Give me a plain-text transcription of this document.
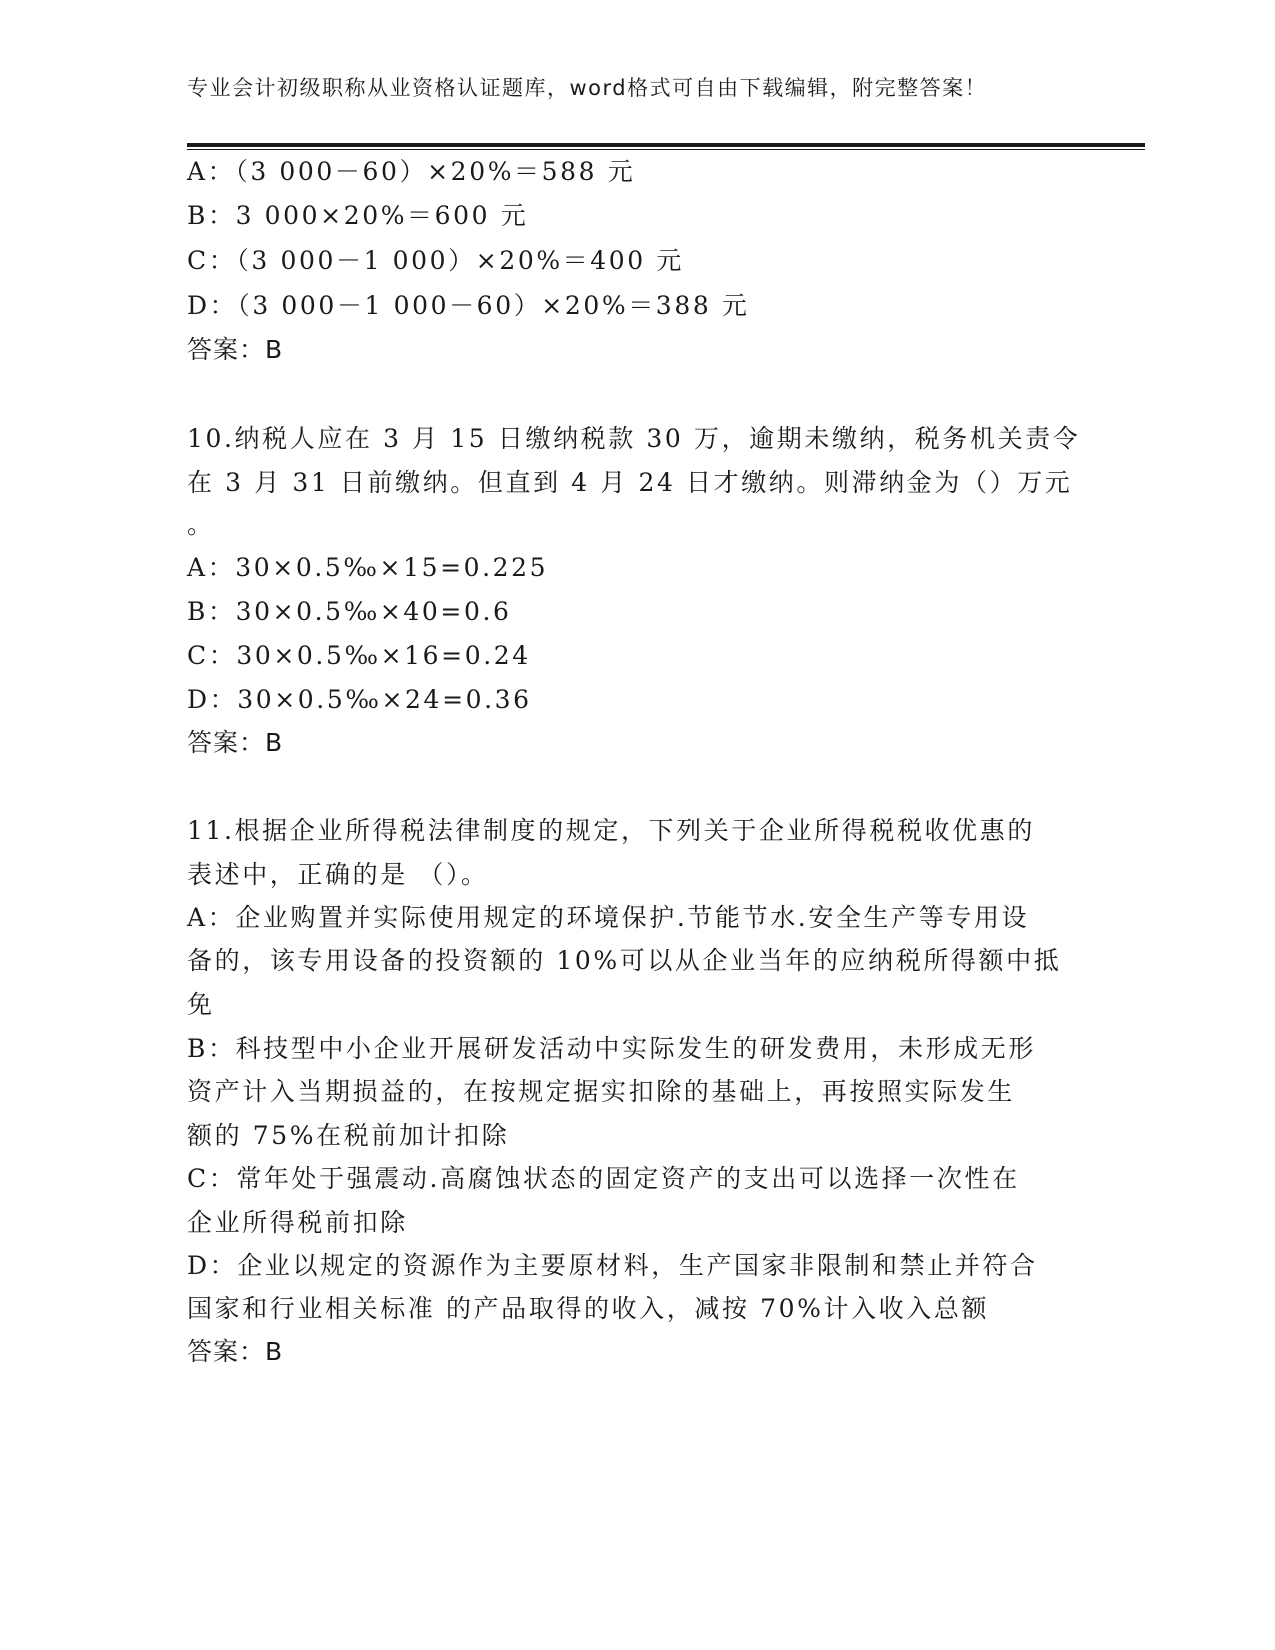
专业会计初级职称从业资格认证题库，word格式可自由下载编辑，附完整答案！
A：（3 000－60）×20%＝588 元
B：3 000×20%＝600 元
C：（3 000－1 000）×20%＝400 元
D：（3 000－1 000－60）×20%＝388 元
答案：B
10.纳税人应在 3 月 15 日缴纳税款 30 万，逾期未缴纳，税务机关责令
在 3 月 31 日前缴纳。但直到 4 月 24 日才缴纳。则滞纳金为（）万元
。
A：30×0.5‰×15=0.225
B：30×0.5‰×40=0.6
C：30×0.5‰×16=0.24
D：30×0.5‰×24=0.36
答案：B
11.根据企业所得税法律制度的规定，下列关于企业所得税税收优惠的
表述中，正确的是 （）。
A：企业购置并实际使用规定的环境保护.节能节水.安全生产等专用设
备的，该专用设备的投资额的 10%可以从企业当年的应纳税所得额中抵
免
B：科技型中小企业开展研发活动中实际发生的研发费用，未形成无形
资产计入当期损益的，在按规定据实扣除的基础上，再按照实际发生
额的 75%在税前加计扣除
C：常年处于强震动.高腐蚀状态的固定资产的支出可以选择一次性在
企业所得税前扣除
D：企业以规定的资源作为主要原材料，生产国家非限制和禁止并符合
国家和行业相关标准 的产品取得的收入，减按 70%计入收入总额
答案：B
